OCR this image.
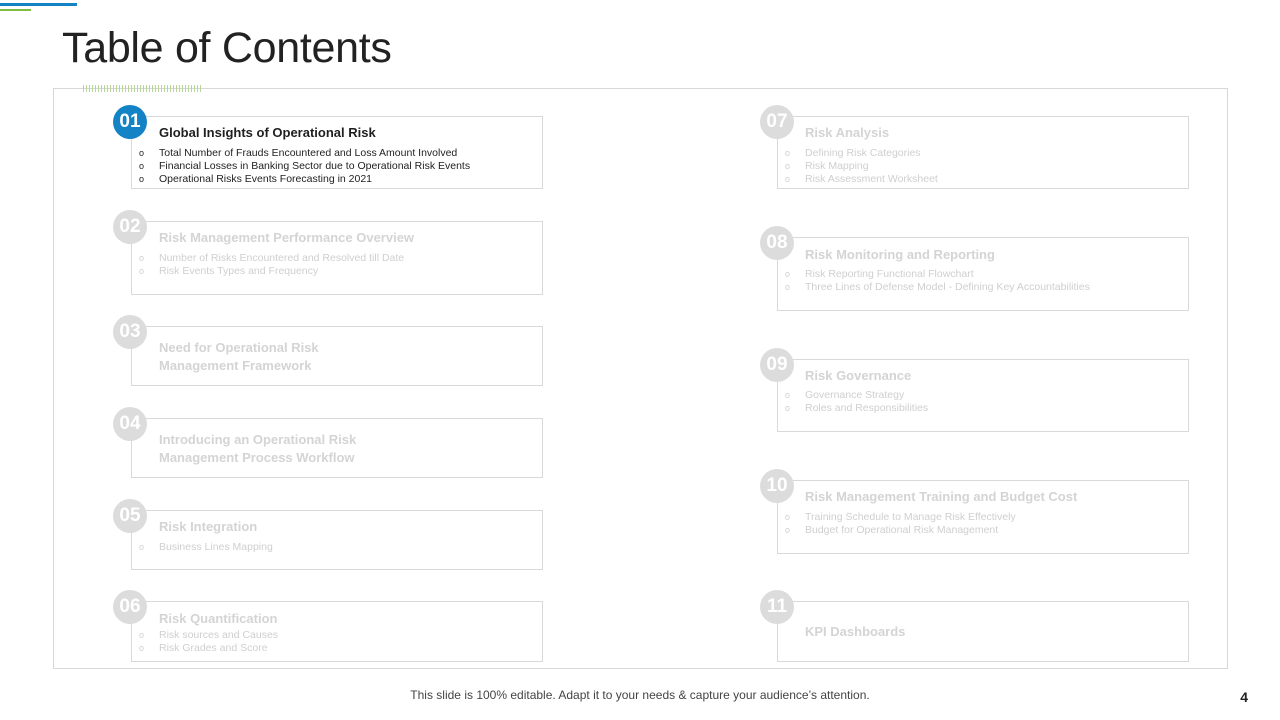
Table of Contents
01
Global Insights of Operational Risk
o Total Number of Frauds Encountered and Loss Amount Involved
o Financial Losses in Banking Sector due to Operational Risk Events
o Operational Risks Events Forecasting in 2021
02
Risk Management Performance Overview
o Number of Risks Encountered and Resolved till Date
o Risk Events Types and Frequency
03
Need for Operational Risk
Management Framework
04
Introducing an Operational Risk
Management Process Workflow
05
Risk Integration
o Business Lines Mapping
06
Risk Quantification
o Risk sources and Causes
o Risk Grades and Score
07
Risk Analysis
o Defining Risk Categories
o Risk Mapping
o Risk Assessment Worksheet
08
Risk Monitoring and Reporting
o Risk Reporting Functional Flowchart
o Three Lines of Defense Model - Defining Key Accountabilities
09
Risk Governance
o Governance Strategy
o Roles and Responsibilities
10
Risk Management Training and Budget Cost
o Training Schedule to Manage Risk Effectively
o Budget for Operational Risk Management
11
KPI Dashboards
This slide is 100% editable. Adapt it to your needs & capture your audience’s attention.	4
